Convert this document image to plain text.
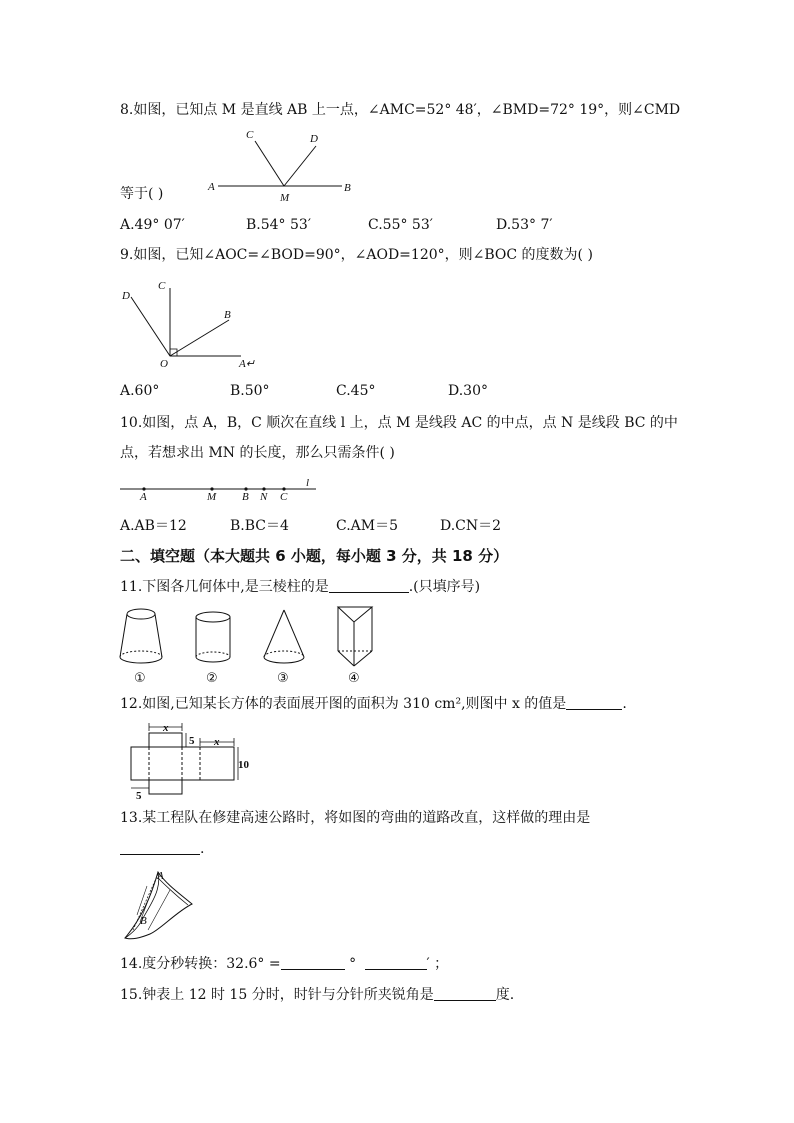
8.如图，已知点 M 是直线 AB 上一点，∠AMC=52° 48′，∠BMD=72° 19°，则∠CMD
A	B
C	D
M
等于( )
A.49° 07′	B.54° 53′	C.55° 53′	D.53° 7′
9.如图，已知∠AOC=∠BOD=90°，∠AOD=120°，则∠BOC 的度数为( )
D
C
B
O	A↵
A.60°	B.50°	C.45°	D.30°
10.如图，点 A，B，C 顺次在直线 l 上，点 M 是线段 AC 的中点，点 N 是线段 BC 的中
点，若想求出 MN 的长度，那么只需条件( )
A	M B N C
l
A.AB＝12	B.BC＝4	C.AM＝5	D.CN＝2
二、填空题（本大题共 6 小题，每小题 3 分，共 18 分）
11.下图各几何体中,是三棱柱的是	.(只填序号)
①	②	③	④
12.如图,已知某长方体的表面展开图的面积为 310 cm²,则图中 x 的值是	.
x
5 x
10
5
13.某工程队在修建高速公路时，将如图的弯曲的道路改直，这样做的理由是
.
A
B
14.度分秒转换：32.6° =	°	′ ；
15.钟表上 12 时 15 分时，时针与分针所夹锐角是	度.
